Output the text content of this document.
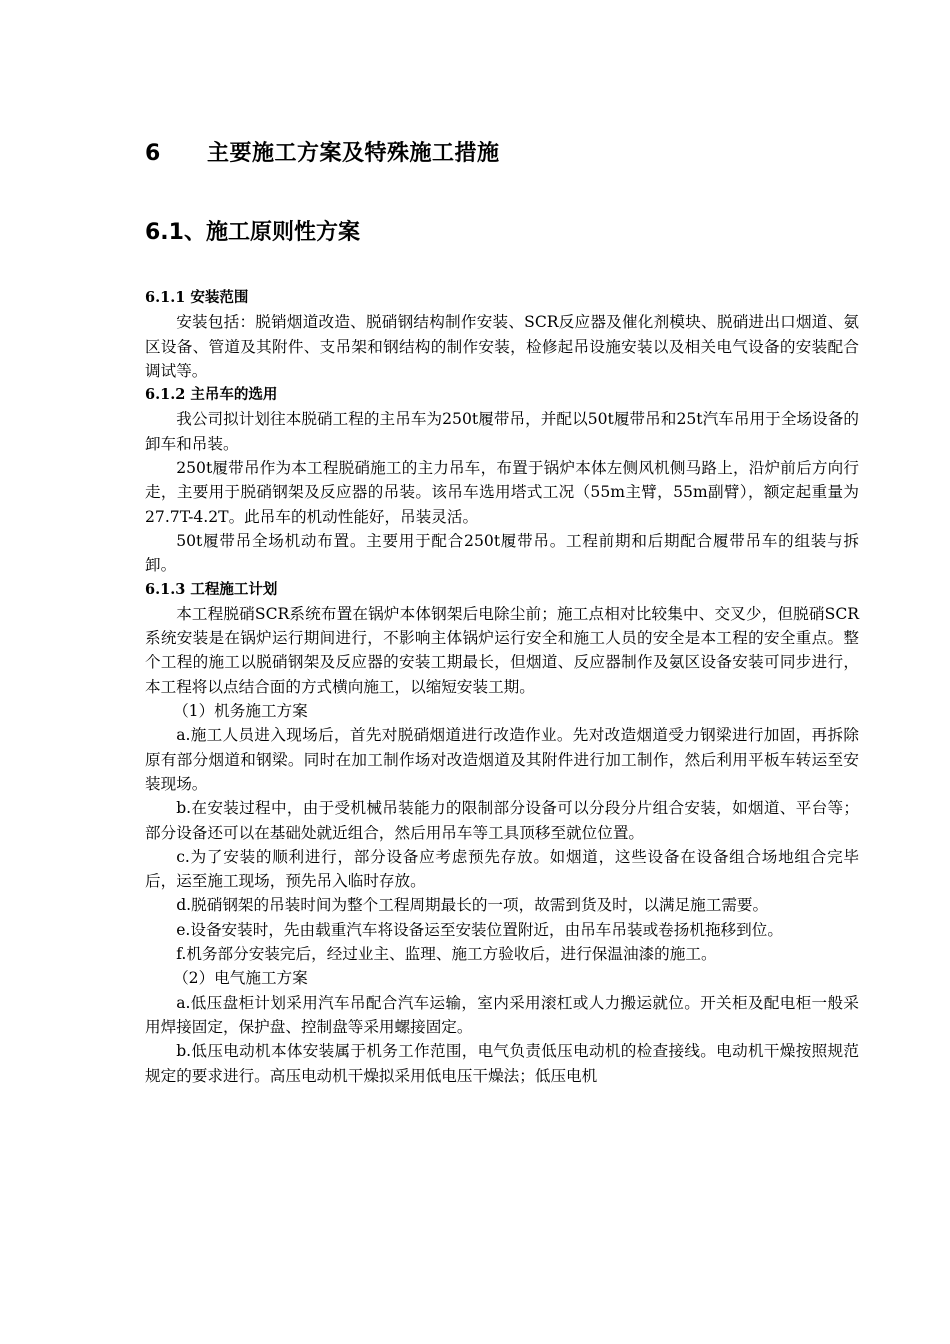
6 主要施工方案及特殊施工措施
6.1、施工原则性方案

6.1.1 安装范围

安装包括：脱销烟道改造、脱硝钢结构制作安装、SCR反应器及催化剂模块、脱硝进出口烟道、氨区设备、管道及其附件、支吊架和钢结构的制作安装，检修起吊设施安装以及相关电气设备的安装配合调试等。

6.1.2 主吊车的选用

我公司拟计划往本脱硝工程的主吊车为250t履带吊，并配以50t履带吊和25t汽车吊用于全场设备的卸车和吊装。

250t履带吊作为本工程脱硝施工的主力吊车，布置于锅炉本体左侧风机侧马路上，沿炉前后方向行走，主要用于脱硝钢架及反应器的吊装。该吊车选用塔式工况（55m主臂，55m副臂），额定起重量为27.7T-4.2T。此吊车的机动性能好，吊装灵活。

50t履带吊全场机动布置。主要用于配合250t履带吊。工程前期和后期配合履带吊车的组装与拆卸。

6.1.3 工程施工计划

本工程脱硝SCR系统布置在锅炉本体钢架后电除尘前；施工点相对比较集中、交叉少，但脱硝SCR系统安装是在锅炉运行期间进行，不影响主体锅炉运行安全和施工人员的安全是本工程的安全重点。整个工程的施工以脱硝钢架及反应器的安装工期最长，但烟道、反应器制作及氨区设备安装可同步进行，本工程将以点结合面的方式横向施工，以缩短安装工期。

（1）机务施工方案

a.施工人员进入现场后，首先对脱硝烟道进行改造作业。先对改造烟道受力钢梁进行加固，再拆除原有部分烟道和钢梁。同时在加工制作场对改造烟道及其附件进行加工制作，然后利用平板车转运至安装现场。

b.在安装过程中，由于受机械吊装能力的限制部分设备可以分段分片组合安装，如烟道、平台等；部分设备还可以在基础处就近组合，然后用吊车等工具顶移至就位位置。

c.为了安装的顺利进行，部分设备应考虑预先存放。如烟道，这些设备在设备组合场地组合完毕后，运至施工现场，预先吊入临时存放。

d.脱硝钢架的吊装时间为整个工程周期最长的一项，故需到货及时，以满足施工需要。

e.设备安装时，先由载重汽车将设备运至安装位置附近，由吊车吊装或卷扬机拖移到位。

f.机务部分安装完后，经过业主、监理、施工方验收后，进行保温油漆的施工。

（2）电气施工方案

a.低压盘柜计划采用汽车吊配合汽车运输，室内采用滚杠或人力搬运就位。开关柜及配电柜一般采用焊接固定，保护盘、控制盘等采用螺接固定。

b.低压电动机本体安装属于机务工作范围，电气负责低压电动机的检查接线。电动机干燥按照规范规定的要求进行。高压电动机干燥拟采用低电压干燥法；低压电机
